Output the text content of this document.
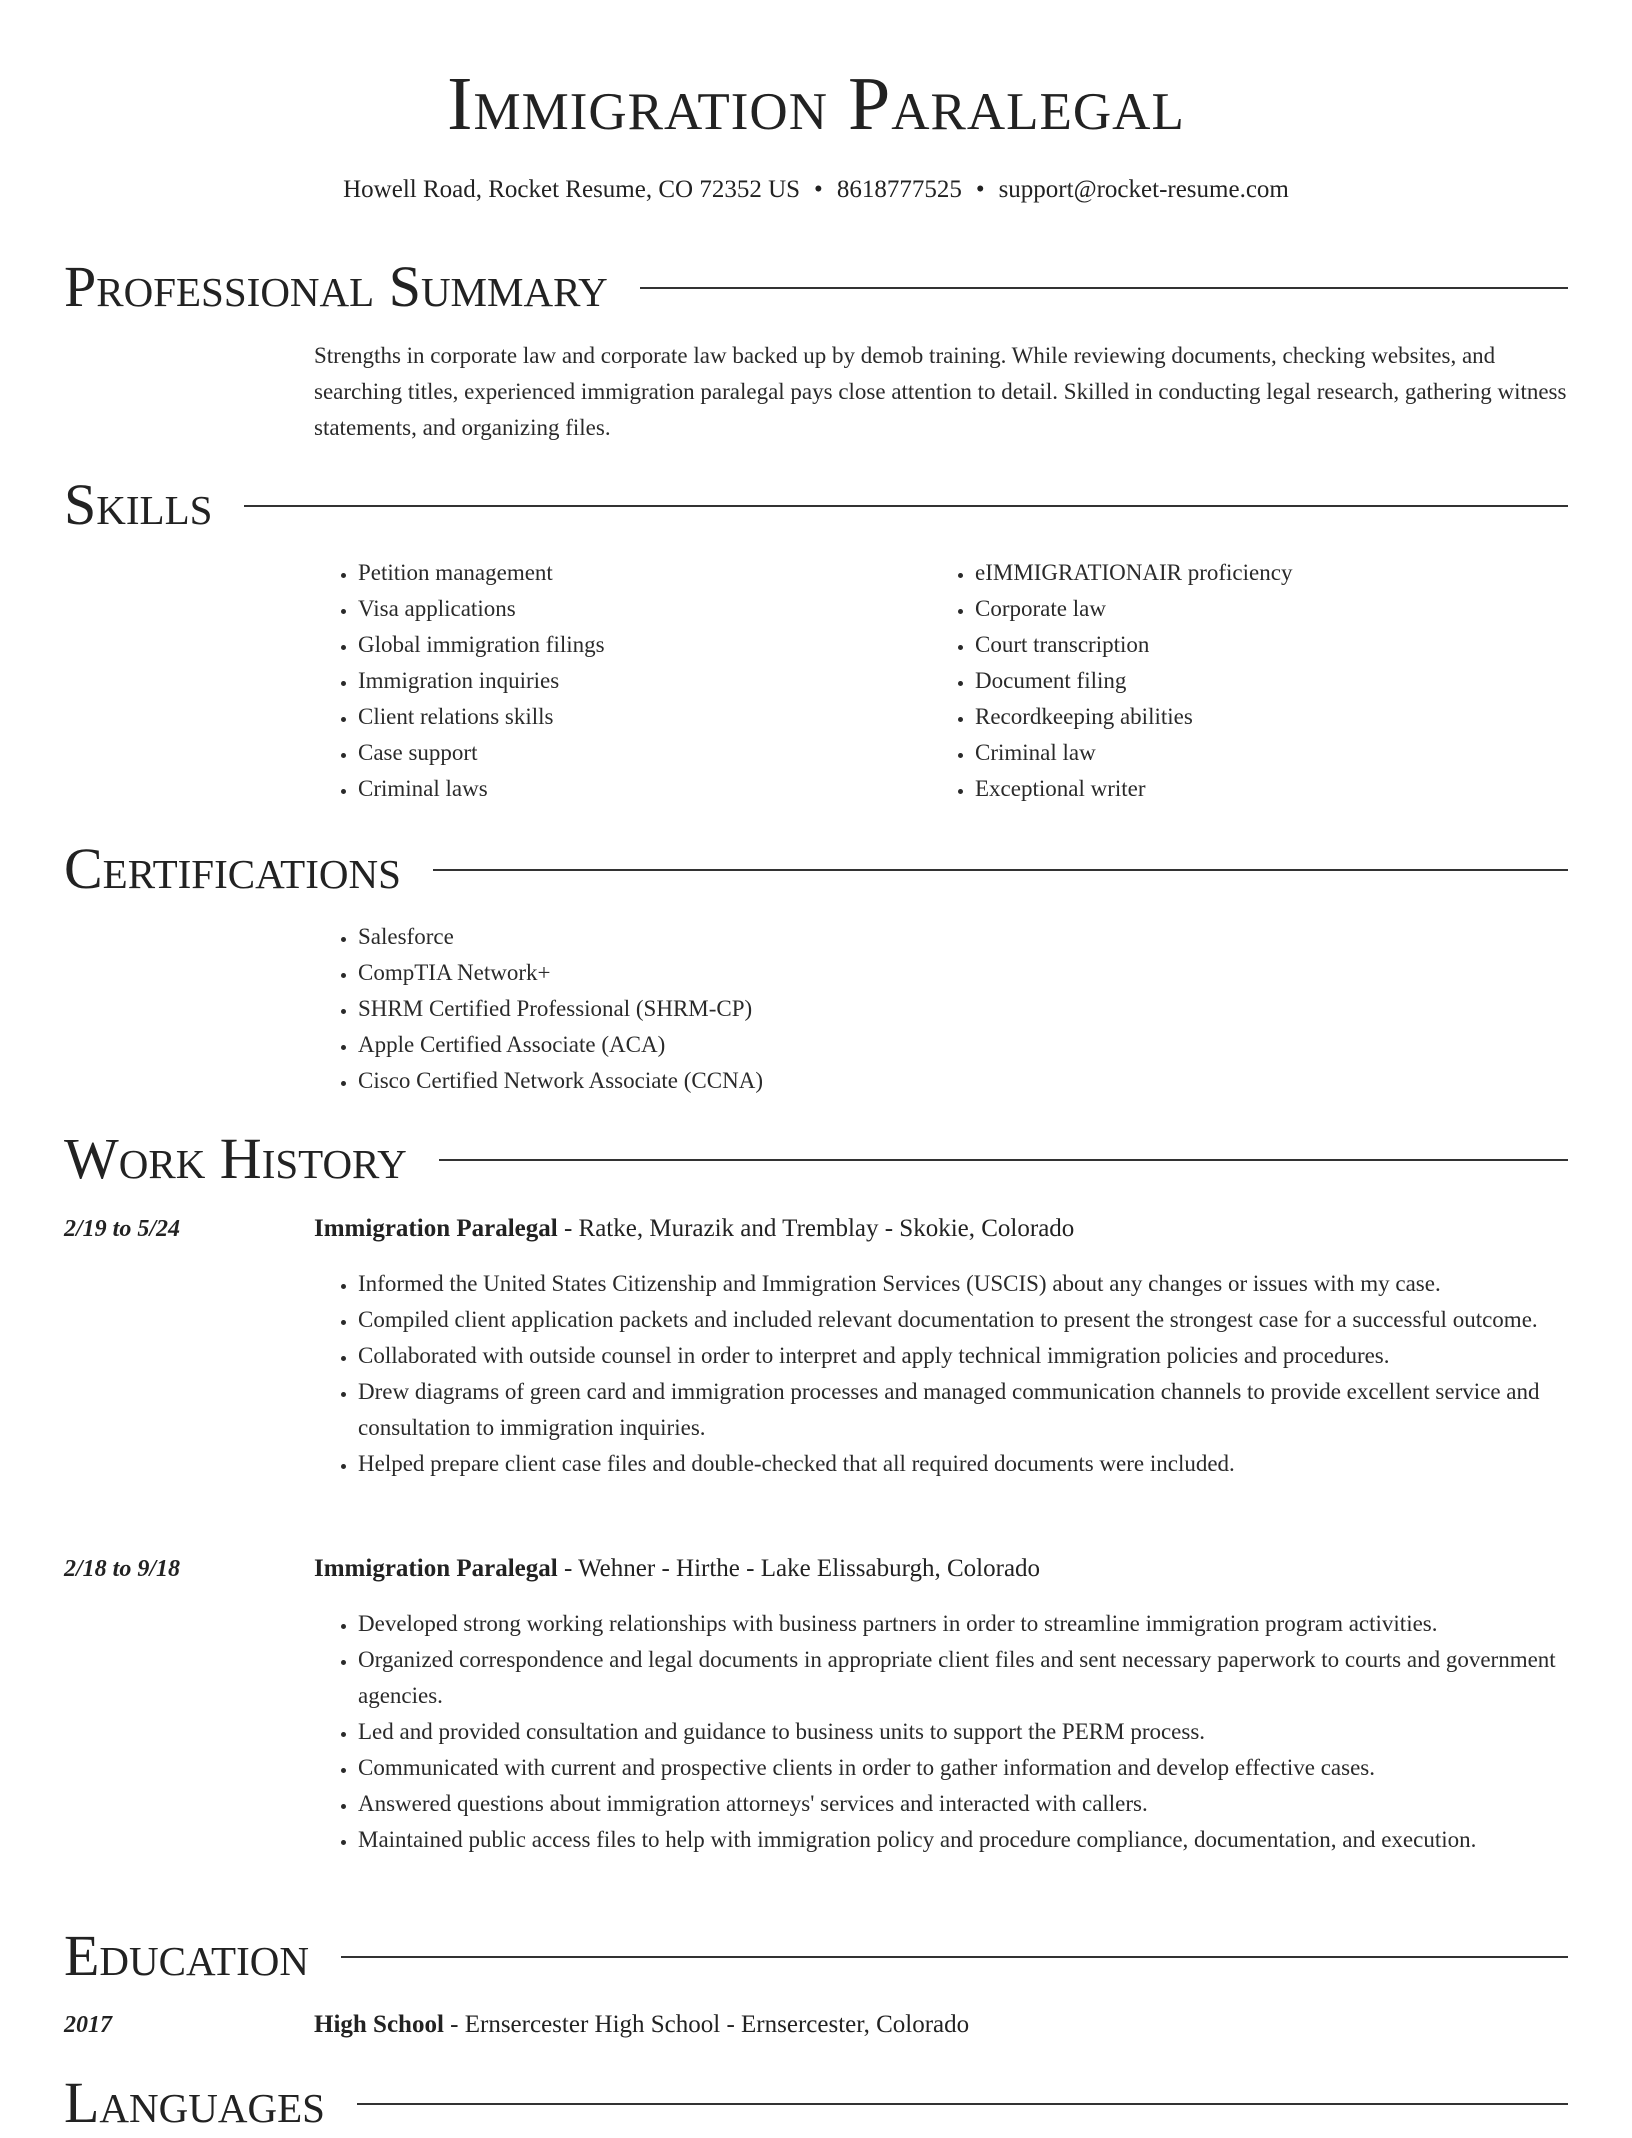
Immigration Paralegal
Howell Road, Rocket Resume, CO 72352 US • 8618777525 • support@rocket-resume.com
Professional Summary
Strengths in corporate law and corporate law backed up by demob training. While reviewing documents, checking websites, and searching titles, experienced immigration paralegal pays close attention to detail. Skilled in conducting legal research, gathering witness statements, and organizing files.
Skills
• Petition management
• Visa applications
• Global immigration filings
• Immigration inquiries
• Client relations skills
• Case support
• Criminal laws
• eIMMIGRATIONAIR proficiency
• Corporate law
• Court transcription
• Document filing
• Recordkeeping abilities
• Criminal law
• Exceptional writer
Certifications
• Salesforce
• CompTIA Network+
• SHRM Certified Professional (SHRM-CP)
• Apple Certified Associate (ACA)
• Cisco Certified Network Associate (CCNA)
Work History
2/19 to 5/24	Immigration Paralegal - Ratke, Murazik and Tremblay - Skokie, Colorado
• Informed the United States Citizenship and Immigration Services (USCIS) about any changes or issues with my case.
• Compiled client application packets and included relevant documentation to present the strongest case for a successful outcome.
• Collaborated with outside counsel in order to interpret and apply technical immigration policies and procedures.
• Drew diagrams of green card and immigration processes and managed communication channels to provide excellent service and consultation to immigration inquiries.
• Helped prepare client case files and double-checked that all required documents were included.
2/18 to 9/18	Immigration Paralegal - Wehner - Hirthe - Lake Elissaburgh, Colorado
• Developed strong working relationships with business partners in order to streamline immigration program activities.
• Organized correspondence and legal documents in appropriate client files and sent necessary paperwork to courts and government agencies.
• Led and provided consultation and guidance to business units to support the PERM process.
• Communicated with current and prospective clients in order to gather information and develop effective cases.
• Answered questions about immigration attorneys' services and interacted with callers.
• Maintained public access files to help with immigration policy and procedure compliance, documentation, and execution.
Education
2017	High School - Ernsercester High School - Ernsercester, Colorado
Languages
